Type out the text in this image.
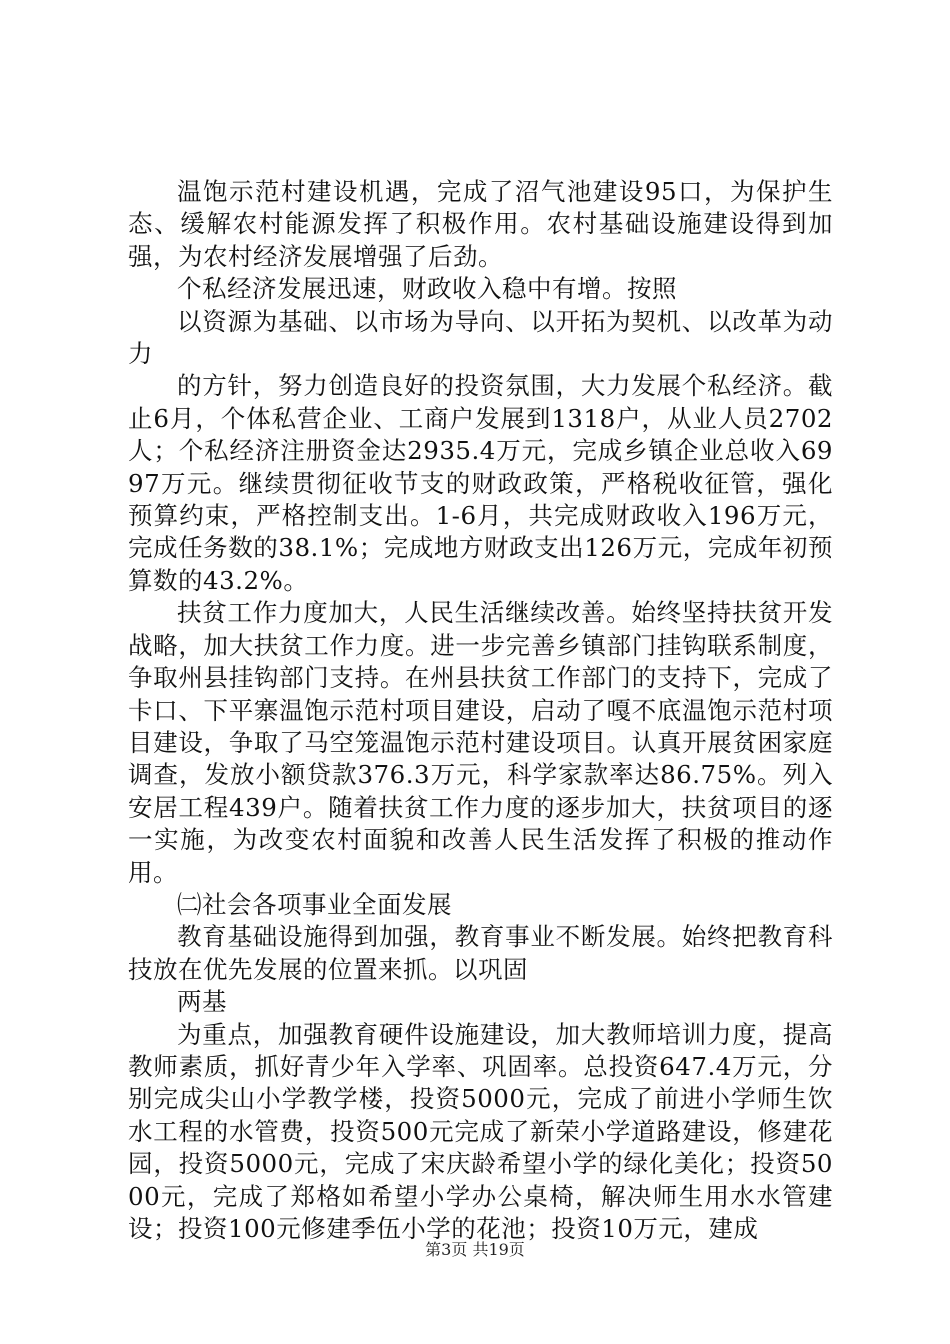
温饱示范村建设机遇，完成了沼气池建设95口，为保护生态、缓解农村能源发挥了积极作用。农村基础设施建设得到加强，为农村经济发展增强了后劲。

个私经济发展迅速，财政收入稳中有增。按照

以资源为基础、以市场为导向、以开拓为契机、以改革为动力

的方针，努力创造良好的投资氛围，大力发展个私经济。截止6月，个体私营企业、工商户发展到1318户，从业人员2702人；个私经济注册资金达2935.4万元，完成乡镇企业总收入6997万元。继续贯彻征收节支的财政政策，严格税收征管，强化预算约束，严格控制支出。1-6月，共完成财政收入196万元，完成任务数的38.1%；完成地方财政支出126万元，完成年初预算数的43.2%。

扶贫工作力度加大，人民生活继续改善。始终坚持扶贫开发战略，加大扶贫工作力度。进一步完善乡镇部门挂钩联系制度，争取州县挂钩部门支持。在州县扶贫工作部门的支持下，完成了卡口、下平寨温饱示范村项目建设，启动了嘎不底温饱示范村项目建设，争取了马空笼温饱示范村建设项目。认真开展贫困家庭调查，发放小额贷款376.3万元，科学家款率达86.75%。列入安居工程439户。随着扶贫工作力度的逐步加大，扶贫项目的逐一实施，为改变农村面貌和改善人民生活发挥了积极的推动作用。

㈡社会各项事业全面发展

教育基础设施得到加强，教育事业不断发展。始终把教育科技放在优先发展的位置来抓。以巩固

两基

为重点，加强教育硬件设施建设，加大教师培训力度，提高教师素质，抓好青少年入学率、巩固率。总投资647.4万元，分别完成尖山小学教学楼，投资5000元，完成了前进小学师生饮水工程的水管费，投资500元完成了新荣小学道路建设，修建花园，投资5000元，完成了宋庆龄希望小学的绿化美化；投资5000元，完成了郑格如希望小学办公桌椅，解决师生用水水管建设；投资100元修建季伍小学的花池；投资10万元，建成

第3页 共19页
